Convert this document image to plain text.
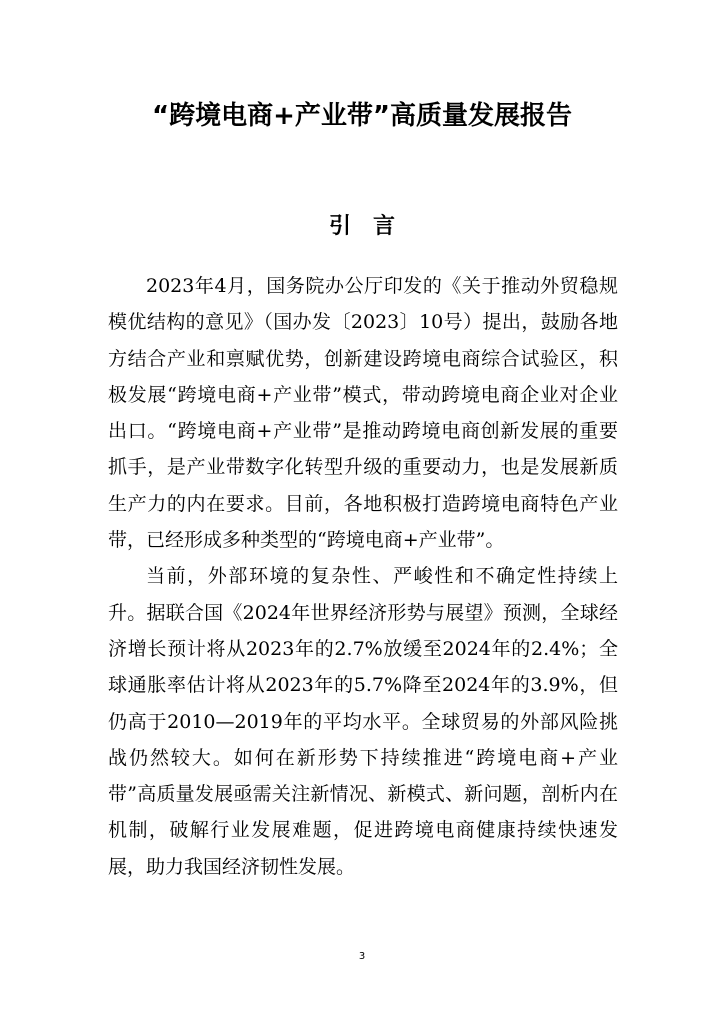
“跨境电商+产业带”高质量发展报告
引言

2023年4月，国务院办公厅印发的《关于推动外贸稳规模优结构的意见》（国办发〔2023〕10号）提出，鼓励各地方结合产业和禀赋优势，创新建设跨境电商综合试验区，积极发展“跨境电商+产业带”模式，带动跨境电商企业对企业出口。“跨境电商+产业带”是推动跨境电商创新发展的重要抓手，是产业带数字化转型升级的重要动力，也是发展新质生产力的内在要求。目前，各地积极打造跨境电商特色产业带，已经形成多种类型的“跨境电商+产业带”。

当前，外部环境的复杂性、严峻性和不确定性持续上升。据联合国《2024年世界经济形势与展望》预测，全球经济增长预计将从2023年的2.7%放缓至2024年的2.4%；全球通胀率估计将从2023年的5.7%降至2024年的3.9%，但仍高于2010—2019年的平均水平。全球贸易的外部风险挑战仍然较大。如何在新形势下持续推进“跨境电商+产业带”高质量发展亟需关注新情况、新模式、新问题，剖析内在机制，破解行业发展难题，促进跨境电商健康持续快速发展，助力我国经济韧性发展。

3
